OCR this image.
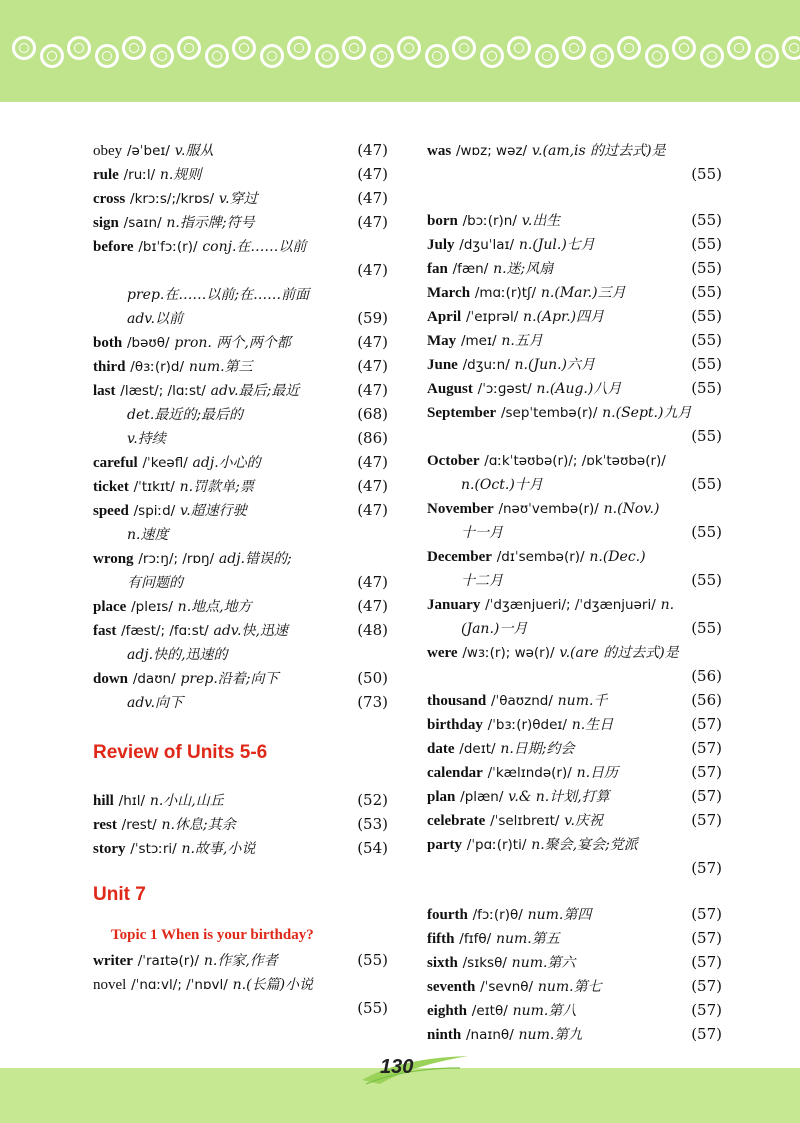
obey /əˈbeɪ/ v.服从	(47)
rule /ruːl/ n.规则	(47)
cross /krɔːs/;/krɒs/ v.穿过	(47)
sign /saɪn/ n.指示牌;符号	(47)
before /bɪˈfɔː(r)/ conj.在……以前
(47)
prep.在……以前;在……前面
adv.以前	(59)
both /bəʊθ/ pron. 两个,两个都	(47)
third /θɜː(r)d/ num.第三	(47)
last /læst/; /lɑːst/ adv.最后;最近	(47)
det.最近的;最后的	(68)
v.持续	(86)
careful /ˈkeəfl/ adj.小心的	(47)
ticket /ˈtɪkɪt/ n.罚款单;票	(47)
speed /spiːd/ v.超速行驶	(47)
n.速度
wrong /rɔːŋ/; /rɒŋ/ adj.错误的;
有问题的	(47)
place /pleɪs/ n.地点,地方	(47)
fast /fæst/; /fɑːst/ adv.快,迅速	(48)
adj.快的,迅速的
down /daʊn/ prep.沿着;向下	(50)
adv.向下	(73)
Review of Units 5-6
hill /hɪl/ n.小山,山丘	(52)
rest /rest/ n.休息;其余	(53)
story /ˈstɔːri/ n.故事,小说	(54)
Unit 7
Topic 1 When is your birthday?
writer /ˈraɪtə(r)/ n.作家,作者	(55)
novel /ˈnɑːvl/; /ˈnɒvl/ n.(长篇)小说
(55)
was /wɒz; wəz/ v.(am,is 的过去式)是
(55)
born /bɔː(r)n/ v.出生	(55)
July /dʒuˈlaɪ/ n.(Jul.)七月	(55)
fan /fæn/ n.迷;风扇	(55)
March /mɑː(r)tʃ/ n.(Mar.)三月	(55)
April /ˈeɪprəl/ n.(Apr.)四月	(55)
May /meɪ/ n.五月	(55)
June /dʒuːn/ n.(Jun.)六月	(55)
August /ˈɔːɡəst/ n.(Aug.)八月	(55)
September /sepˈtembə(r)/ n.(Sept.)九月
(55)
October /ɑːkˈtəʊbə(r)/; /ɒkˈtəʊbə(r)/
n.(Oct.)十月	(55)
November /nəʊˈvembə(r)/ n.(Nov.)
十一月	(55)
December /dɪˈsembə(r)/ n.(Dec.)
十二月	(55)
January /ˈdʒænjueri/; /ˈdʒænjuəri/ n.
(Jan.)一月	(55)
were /wɜː(r); wə(r)/ v.(are 的过去式)是
(56)
thousand /ˈθaʊznd/ num.千	(56)
birthday /ˈbɜː(r)θdeɪ/ n.生日	(57)
date /deɪt/ n.日期;约会	(57)
calendar /ˈkælɪndə(r)/ n.日历	(57)
plan /plæn/ v.& n.计划,打算	(57)
celebrate /ˈselɪbreɪt/ v.庆祝	(57)
party /ˈpɑː(r)ti/ n.聚会,宴会;党派
(57)
fourth /fɔː(r)θ/ num.第四	(57)
fifth /fɪfθ/ num.第五	(57)
sixth /sɪksθ/ num.第六	(57)
seventh /ˈsevnθ/ num.第七	(57)
eighth /eɪtθ/ num.第八	(57)
ninth /naɪnθ/ num.第九	(57)
130
